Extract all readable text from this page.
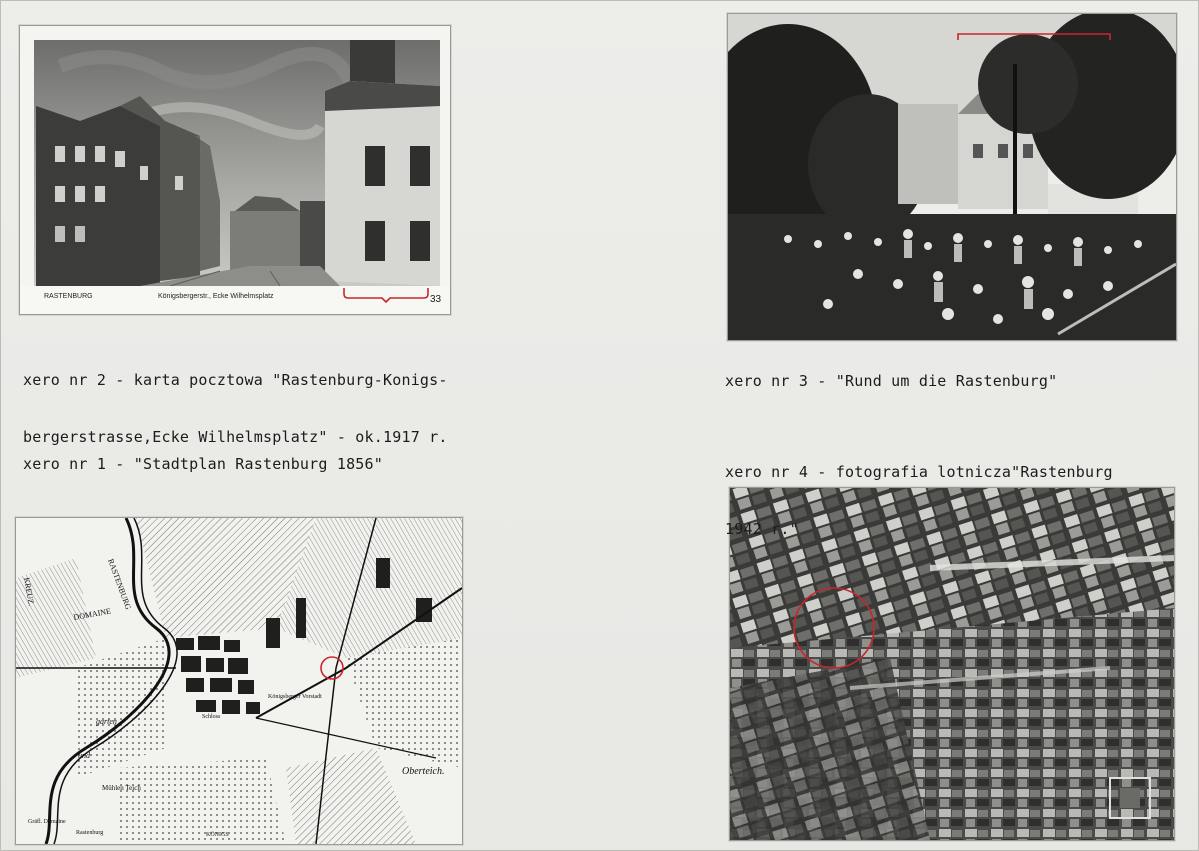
RASTENBURG	Königsbergerstr., Ecke Wilhelmsplatz	33
DOMAINE
RASTENBURG
KREUZ.
garten
und
Mühlen Teich
Oberteich.
Königsberger Vorstadt
Schloss
Gräfl. Domaine
Rastenburg	KÖNIGS

xero nr 2 - karta pocztowa "Rastenburg-Konigs-

bergerstrasse,Ecke Wilhelmsplatz" - ok.1917 r.

xero nr 3 - "Rund um die Rastenburg"

xero nr 4 - fotografia lotnicza"Rastenburg

1942 r."

xero nr 1 - "Stadtplan Rastenburg 1856"
